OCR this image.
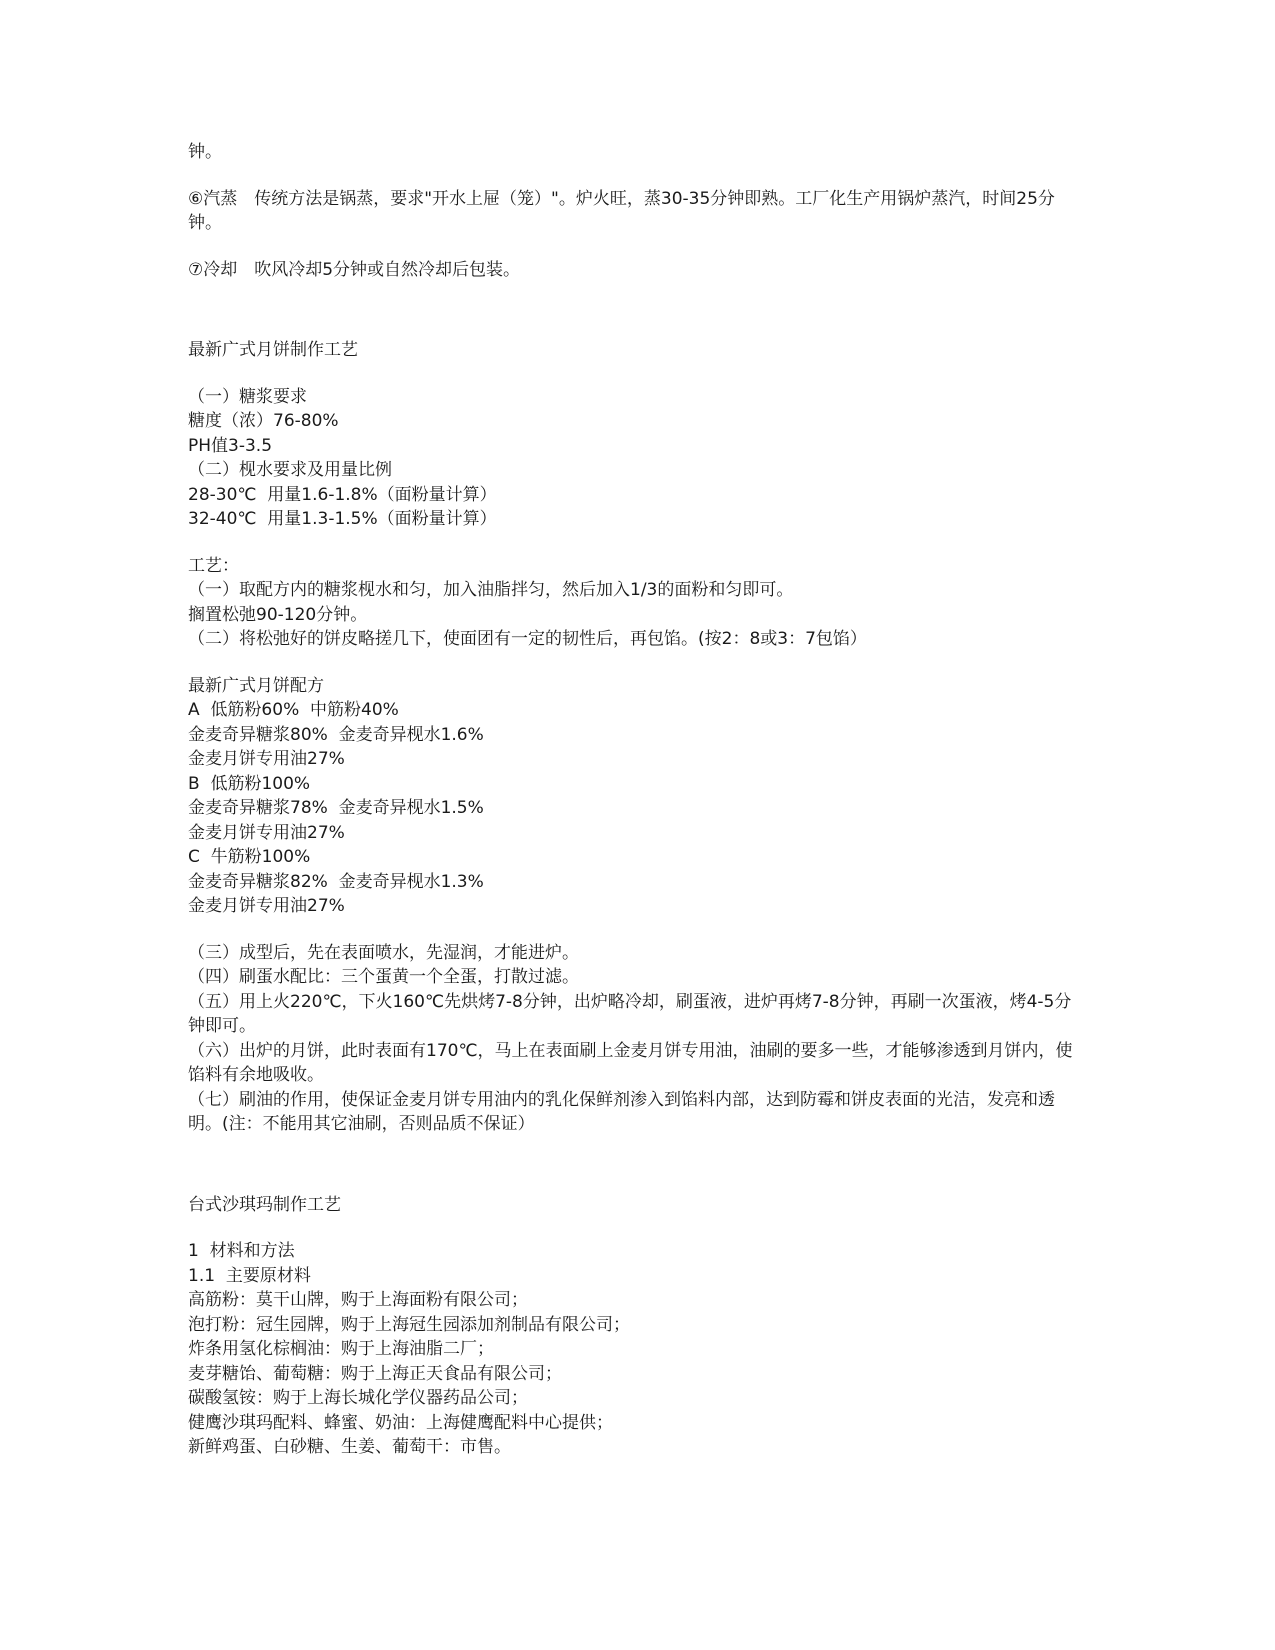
钟。

⑥汽蒸　传统方法是锅蒸，要求"开水上屉（笼）"。炉火旺，蒸30-35分钟即熟。工厂化生产用锅炉蒸汽，时间25分钟。

⑦冷却　吹风冷却5分钟或自然冷却后包装。

最新广式月饼制作工艺

（一）糖浆要求

糖度（浓）76-80%

PH值3-3.5

（二）枧水要求及用量比例

28-30℃  用量1.6-1.8%（面粉量计算）

32-40℃  用量1.3-1.5%（面粉量计算）

工艺：

（一）取配方内的糖浆枧水和匀，加入油脂拌匀，然后加入1/3的面粉和匀即可。

搁置松弛90-120分钟。

（二）将松弛好的饼皮略搓几下，使面团有一定的韧性后，再包馅。(按2：8或3：7包馅）

最新广式月饼配方

A  低筋粉60%  中筋粉40%

金麦奇异糖浆80%  金麦奇异枧水1.6%

金麦月饼专用油27%

B  低筋粉100%

金麦奇异糖浆78%  金麦奇异枧水1.5%

金麦月饼专用油27%

C  牛筋粉100%

金麦奇异糖浆82%  金麦奇异枧水1.3%

金麦月饼专用油27%

（三）成型后，先在表面喷水，先湿润，才能进炉。

（四）刷蛋水配比：三个蛋黄一个全蛋，打散过滤。

（五）用上火220℃，下火160℃先烘烤7-8分钟，出炉略冷却，刷蛋液，进炉再烤7-8分钟，再刷一次蛋液，烤4-5分钟即可。

（六）出炉的月饼，此时表面有170℃，马上在表面刷上金麦月饼专用油，油刷的要多一些，才能够渗透到月饼内，使馅料有余地吸收。

（七）刷油的作用，使保证金麦月饼专用油内的乳化保鲜剂渗入到馅料内部，达到防霉和饼皮表面的光洁，发亮和透明。(注：不能用其它油刷，否则品质不保证）

台式沙琪玛制作工艺

1  材料和方法

1.1  主要原材料

高筋粉：莫干山牌，购于上海面粉有限公司；

泡打粉：冠生园牌，购于上海冠生园添加剂制品有限公司；

炸条用氢化棕榈油：购于上海油脂二厂；

麦芽糖饴、葡萄糖：购于上海正天食品有限公司；

碳酸氢铵：购于上海长城化学仪器药品公司；

健鹰沙琪玛配料、蜂蜜、奶油：上海健鹰配料中心提供；

新鲜鸡蛋、白砂糖、生姜、葡萄干：市售。
